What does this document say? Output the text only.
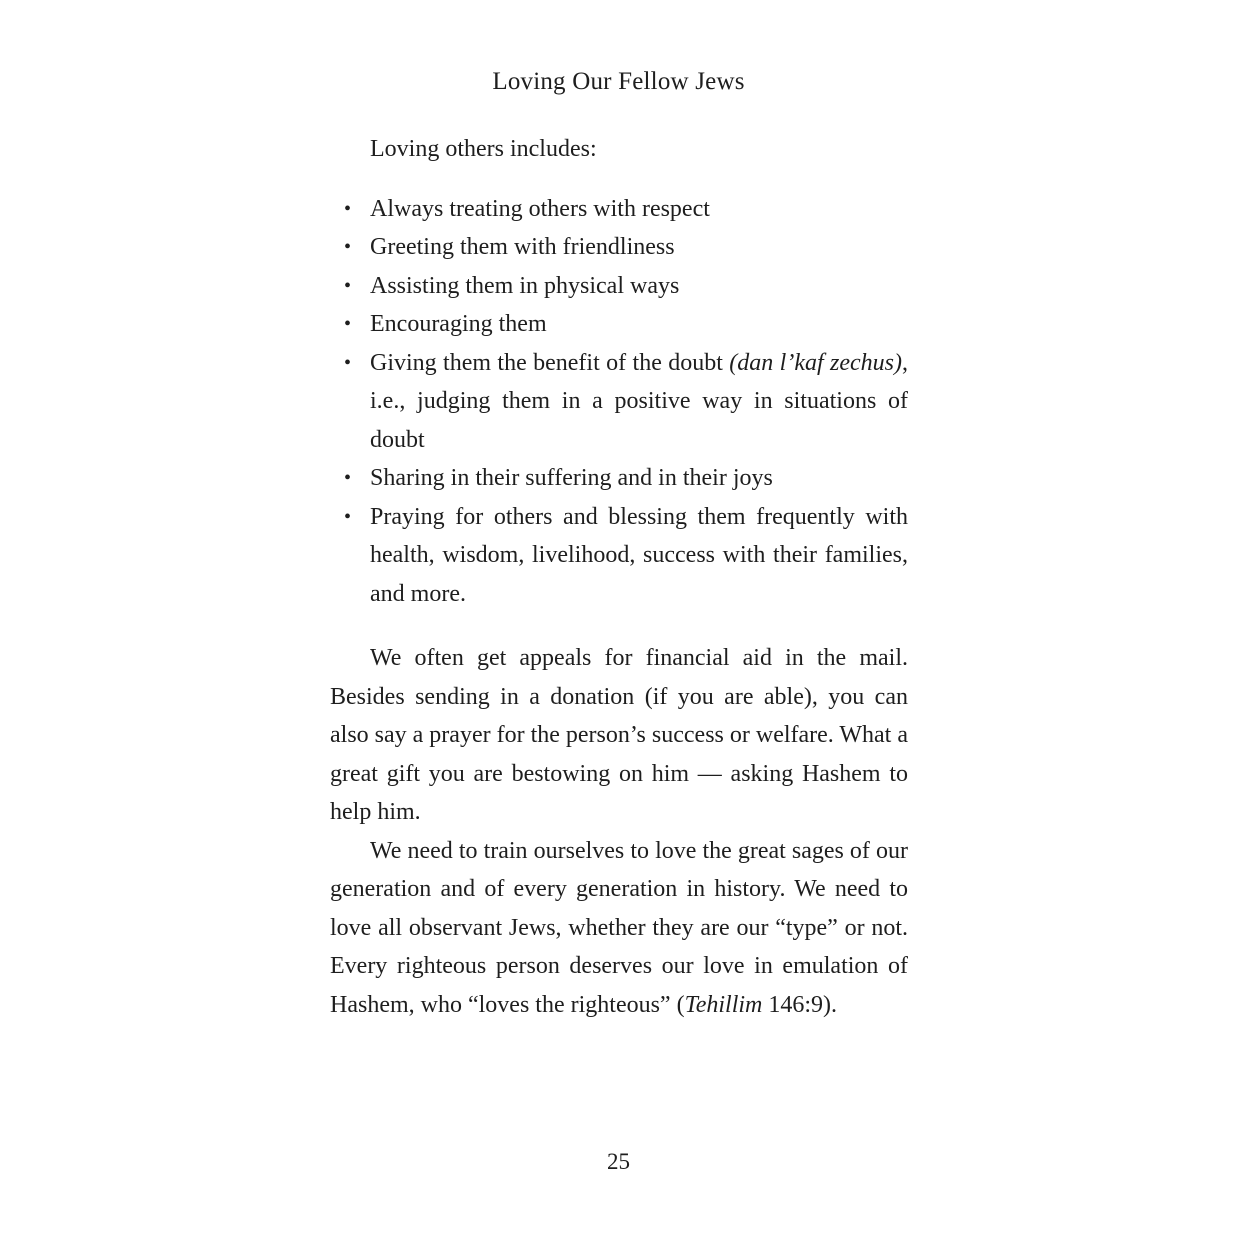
Loving Our Fellow Jews

Loving others includes:

• Always treating others with respect
• Greeting them with friendliness
• Assisting them in physical ways
• Encouraging them
• Giving them the benefit of the doubt (dan l’kaf zechus), i.e., judging them in a positive way in situations of doubt
• Sharing in their suffering and in their joys
• Praying for others and blessing them frequently with health, wisdom, livelihood, success with their families, and more.

We often get appeals for financial aid in the mail. Besides sending in a donation (if you are able), you can also say a prayer for the person’s success or welfare. What a great gift you are bestowing on him — asking Hashem to help him.

We need to train ourselves to love the great sages of our generation and of every generation in history. We need to love all observant Jews, whether they are our “type” or not. Every righteous person deserves our love in emulation of Hashem, who “loves the righteous” (Tehillim 146:9).

25
